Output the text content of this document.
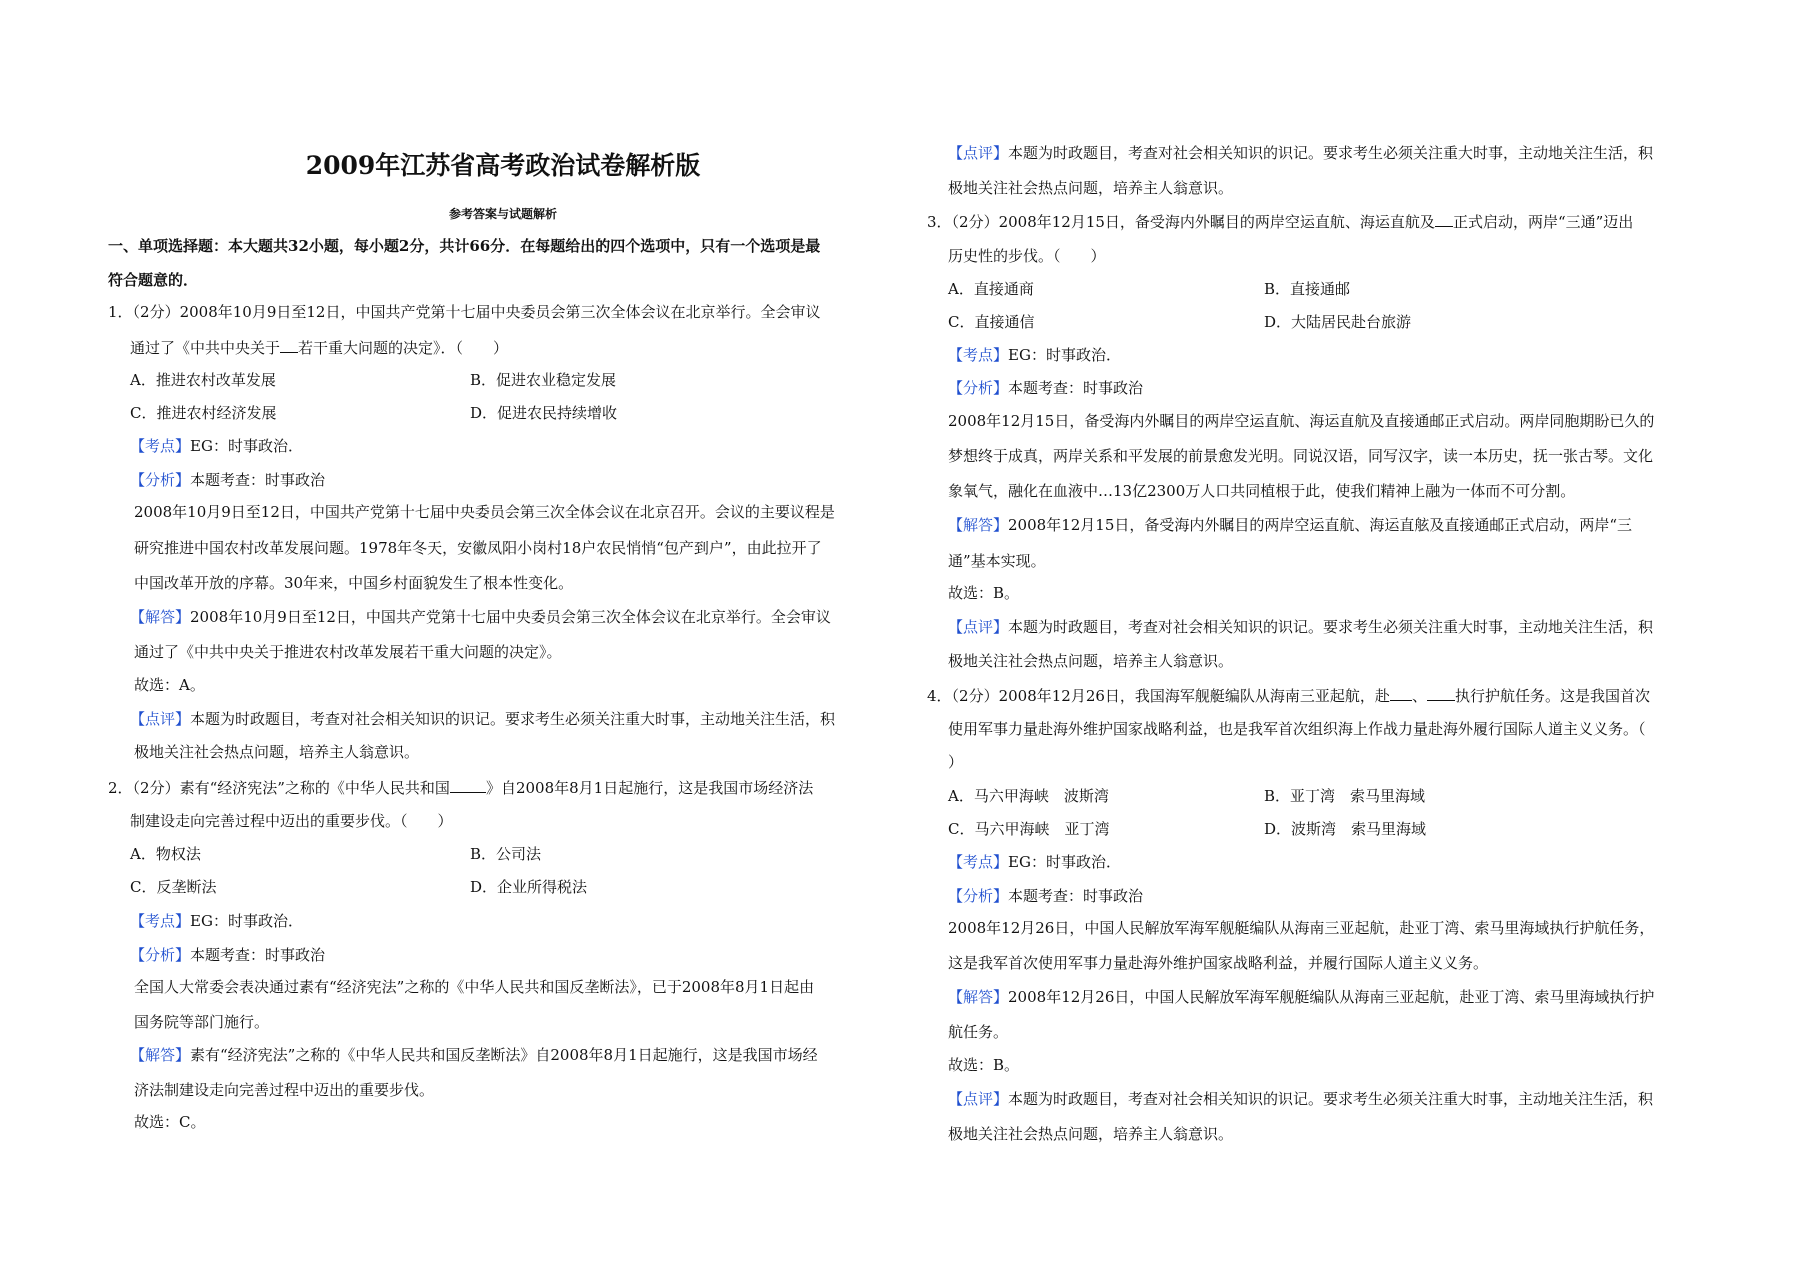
2009年江苏省高考政治试卷解析版
参考答案与试题解析
一、单项选择题：本大题共32小题，每小题2分，共计66分．在每题给出的四个选项中，只有一个选项是最
符合题意的．
1．（2分）2008年10月9日至12日，中国共产党第十七届中央委员会第三次全体会议在北京举行。全会审议
通过了《中共中央关于 若干重大问题的决定》．（　　）
A．推进农村改革发展	B．促进农业稳定发展
C．推进农村经济发展	D．促进农民持续增收
【考点】EG：时事政治．
【分析】本题考查：时事政治
2008年10月9日至12日，中国共产党第十七届中央委员会第三次全体会议在北京召开。会议的主要议程是
研究推进中国农村改革发展问题。1978年冬天，安徽凤阳小岗村18户农民悄悄“包产到户”，由此拉开了
中国改革开放的序幕。30年来，中国乡村面貌发生了根本性变化。
【解答】2008年10月9日至12日，中国共产党第十七届中央委员会第三次全体会议在北京举行。全会审议
通过了《中共中央关于推进农村改革发展若干重大问题的决定》。
故选：A。
【点评】本题为时政题目，考查对社会相关知识的识记。要求考生必须关注重大时事，主动地关注生活，积
极地关注社会热点问题，培养主人翁意识。
2．（2分）素有“经济宪法”之称的《中华人民共和国 》自2008年8月1日起施行，这是我国市场经济法
制建设走向完善过程中迈出的重要步伐。（　　）
A．物权法	B．公司法
C．反垄断法	D．企业所得税法
【考点】EG：时事政治．
【分析】本题考查：时事政治
全国人大常委会表决通过素有“经济宪法”之称的《中华人民共和国反垄断法》，已于2008年8月1日起由
国务院等部门施行。
【解答】素有“经济宪法”之称的《中华人民共和国反垄断法》自2008年8月1日起施行，这是我国市场经
济法制建设走向完善过程中迈出的重要步伐。
故选：C。
【点评】本题为时政题目，考查对社会相关知识的识记。要求考生必须关注重大时事，主动地关注生活，积
极地关注社会热点问题，培养主人翁意识。
3．（2分）2008年12月15日，备受海内外瞩目的两岸空运直航、海运直航及 正式启动，两岸“三通”迈出
历史性的步伐。（　　）
A．直接通商	B．直接通邮
C．直接通信	D．大陆居民赴台旅游
【考点】EG：时事政治．
【分析】本题考查：时事政治
2008年12月15日，备受海内外瞩目的两岸空运直航、海运直航及直接通邮正式启动。两岸同胞期盼已久的
梦想终于成真，两岸关系和平发展的前景愈发光明。同说汉语，同写汉字，读一本历史，抚一张古琴。文化
象氧气，融化在血液中…13亿2300万人口共同植根于此，使我们精神上融为一体而不可分割。
【解答】2008年12月15日，备受海内外瞩目的两岸空运直航、海运直舷及直接通邮正式启动，两岸“三
通”基本实现。
故选：B。
【点评】本题为时政题目，考查对社会相关知识的识记。要求考生必须关注重大时事，主动地关注生活，积
极地关注社会热点问题，培养主人翁意识。
4．（2分）2008年12月26日，我国海军舰艇编队从海南三亚起航，赴 、 执行护航任务。这是我国首次
使用军事力量赴海外维护国家战略利益，也是我军首次组织海上作战力量赴海外履行国际人道主义义务。（
）
A．马六甲海峡　波斯湾	B．亚丁湾　索马里海域
C．马六甲海峡　亚丁湾	D．波斯湾　索马里海域
【考点】EG：时事政治．
【分析】本题考查：时事政治
2008年12月26日，中国人民解放军海军舰艇编队从海南三亚起航，赴亚丁湾、索马里海域执行护航任务，
这是我军首次使用军事力量赴海外维护国家战略利益，并履行国际人道主义义务。
【解答】2008年12月26日，中国人民解放军海军舰艇编队从海南三亚起航，赴亚丁湾、索马里海域执行护
航任务。
故选：B。
【点评】本题为时政题目，考查对社会相关知识的识记。要求考生必须关注重大时事，主动地关注生活，积
极地关注社会热点问题，培养主人翁意识。
